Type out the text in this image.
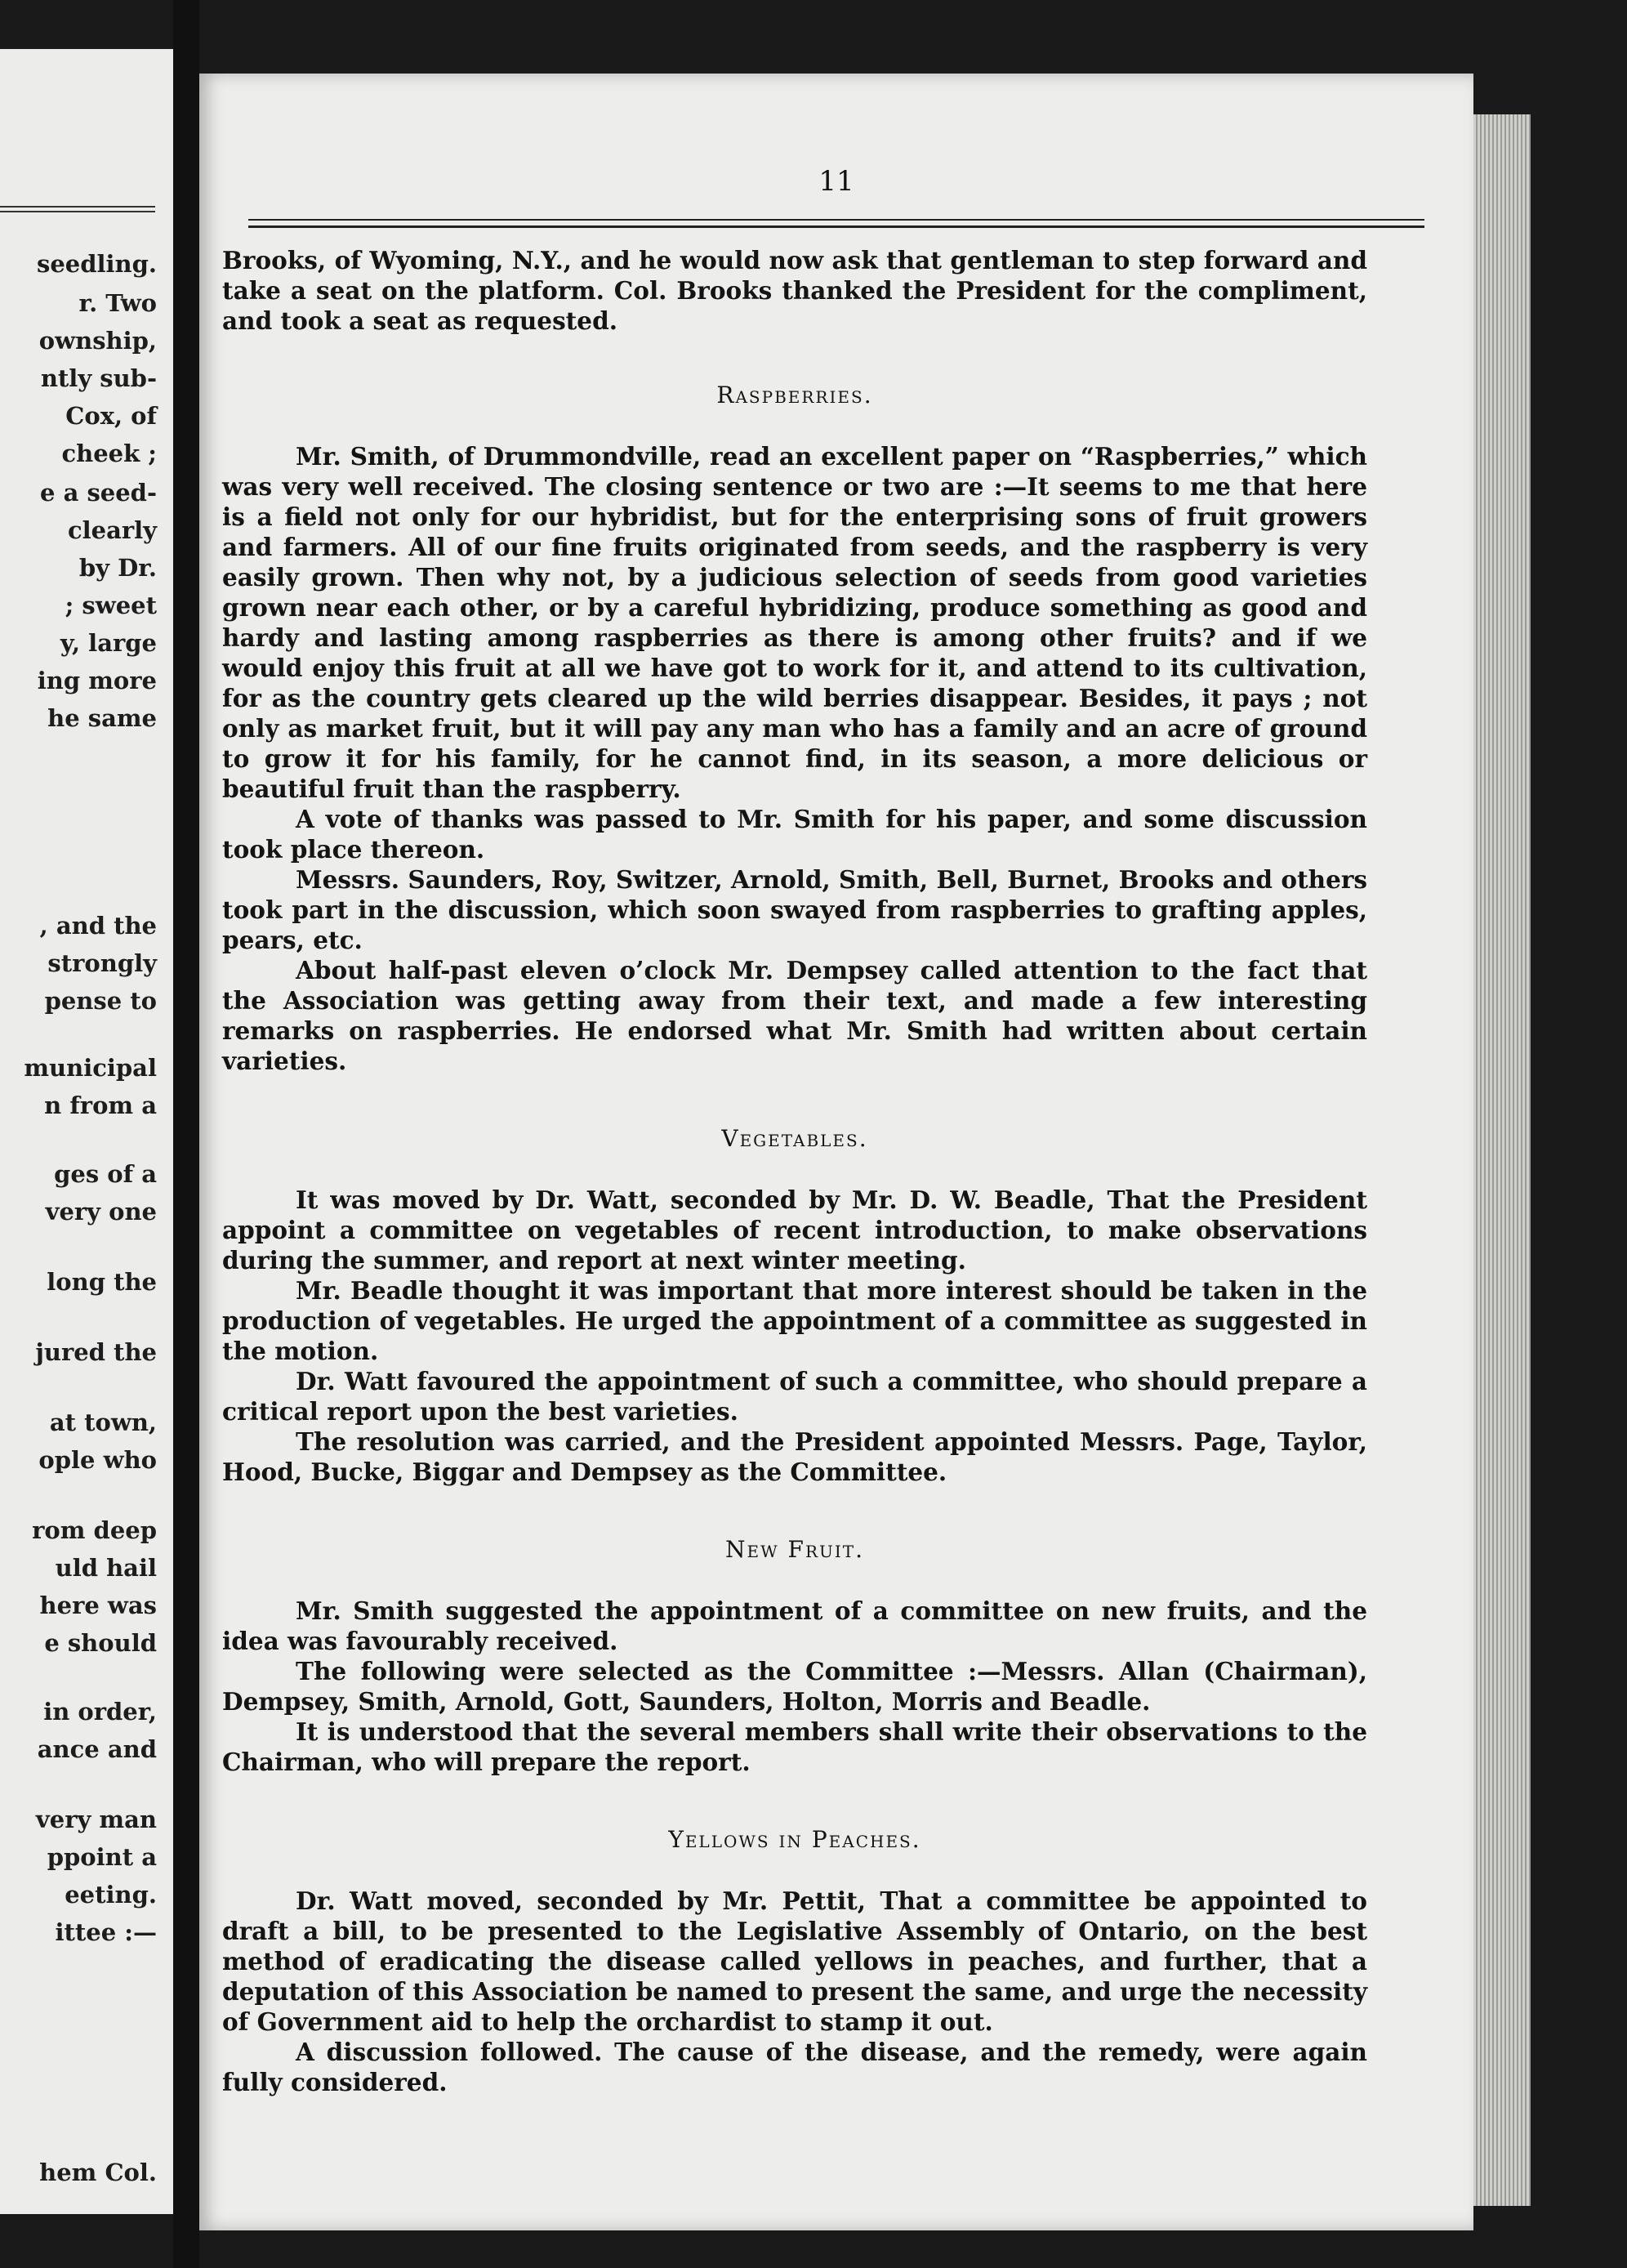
seedling.
r. Two
ownship,
ntly sub-
Cox, of
cheek ;
e a seed-
clearly
by Dr.
; sweet
y, large
ing more
he same
, and the
strongly
pense to
municipal
n from a
ges of a
very one
long the
jured the
at town,
ople who
rom deep
uld hail
here was
e should
in order,
ance and
very man
ppoint a
eeting.
ittee :—
hem Col.
11

Brooks, of Wyoming, N.Y., and he would now ask that gentleman to step forward and take a seat on the platform. Col. Brooks thanked the President for the compliment, and took a seat as requested.

Raspberries.

Mr. Smith, of Drummondville, read an excellent paper on “Raspberries,” which was very well received. The closing sentence or two are :—It seems to me that here is a field not only for our hybridist, but for the enterprising sons of fruit growers and farmers. All of our fine fruits originated from seeds, and the raspberry is very easily grown. Then why not, by a judicious selection of seeds from good varieties grown near each other, or by a careful hybridizing, produce something as good and hardy and lasting among raspberries as there is among other fruits? and if we would enjoy this fruit at all we have got to work for it, and attend to its cultivation, for as the country gets cleared up the wild berries disappear. Besides, it pays ; not only as market fruit, but it will pay any man who has a family and an acre of ground to grow it for his family, for he cannot find, in its season, a more delicious or beautiful fruit than the raspberry.

A vote of thanks was passed to Mr. Smith for his paper, and some discussion took place thereon.

Messrs. Saunders, Roy, Switzer, Arnold, Smith, Bell, Burnet, Brooks and others took part in the discussion, which soon swayed from raspberries to grafting apples, pears, etc.

About half-past eleven o’clock Mr. Dempsey called attention to the fact that the Association was getting away from their text, and made a few interesting remarks on raspberries. He endorsed what Mr. Smith had written about certain varieties.

Vegetables.

It was moved by Dr. Watt, seconded by Mr. D. W. Beadle, That the President appoint a committee on vegetables of recent introduction, to make observations during the summer, and report at next winter meeting.

Mr. Beadle thought it was important that more interest should be taken in the production of vegetables. He urged the appointment of a committee as suggested in the motion.

Dr. Watt favoured the appointment of such a committee, who should prepare a critical report upon the best varieties.

The resolution was carried, and the President appointed Messrs. Page, Taylor, Hood, Bucke, Biggar and Dempsey as the Committee.

New Fruit.

Mr. Smith suggested the appointment of a committee on new fruits, and the idea was favourably received.

The following were selected as the Committee :—Messrs. Allan (Chairman), Dempsey, Smith, Arnold, Gott, Saunders, Holton, Morris and Beadle.

It is understood that the several members shall write their observations to the Chairman, who will prepare the report.

Yellows in Peaches.

Dr. Watt moved, seconded by Mr. Pettit, That a committee be appointed to draft a bill, to be presented to the Legislative Assembly of Ontario, on the best method of eradicating the disease called yellows in peaches, and further, that a deputation of this Association be named to present the same, and urge the necessity of Government aid to help the orchardist to stamp it out.

A discussion followed. The cause of the disease, and the remedy, were again fully considered.
